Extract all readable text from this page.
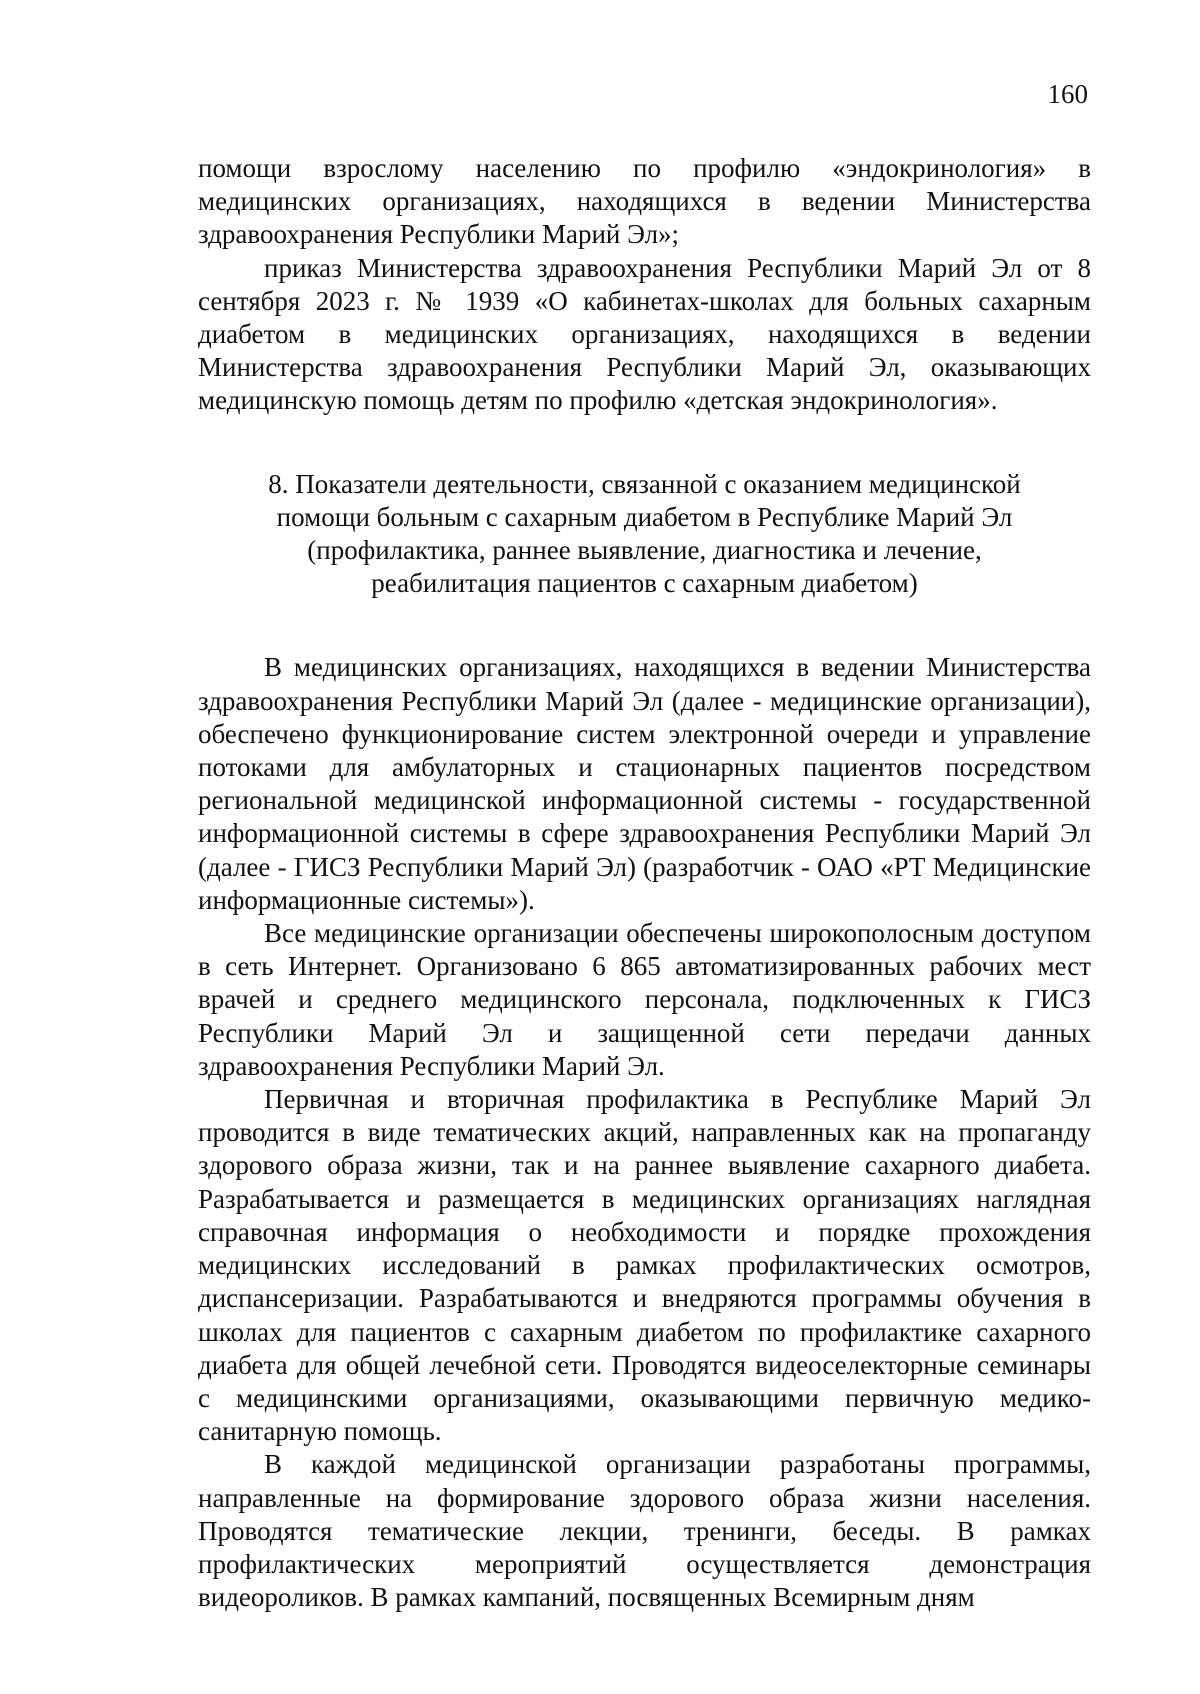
160

помощи взрослому населению по профилю «эндокринология» в медицинских организациях, находящихся в ведении Министерства здравоохранения Республики Марий Эл»;

приказ Министерства здравоохранения Республики Марий Эл от 8 сентября 2023 г. № 1939 «О кабинетах-школах для больных сахарным диабетом в медицинских организациях, находящихся в ведении Министерства здравоохранения Республики Марий Эл, оказывающих медицинскую помощь детям по профилю «детская эндокринология».

8. Показатели деятельности, связанной с оказанием медицинской
помощи больным с сахарным диабетом в Республике Марий Эл
(профилактика, раннее выявление, диагностика и лечение,
реабилитация пациентов с сахарным диабетом)

В медицинских организациях, находящихся в ведении Министерства здравоохранения Республики Марий Эл (далее - медицинские организации), обеспечено функционирование систем электронной очереди и управление потоками для амбулаторных и стационарных пациентов посредством региональной медицинской информационной системы - государственной информационной системы в сфере здравоохранения Республики Марий Эл (далее - ГИСЗ Республики Марий Эл) (разработчик - ОАО «РТ Медицинские информационные системы»).

Все медицинские организации обеспечены широкополосным доступом в сеть Интернет. Организовано 6 865 автоматизированных рабочих мест врачей и среднего медицинского персонала, подключенных к ГИСЗ Республики Марий Эл и защищенной сети передачи данных здравоохранения Республики Марий Эл.

Первичная и вторичная профилактика в Республике Марий Эл проводится в виде тематических акций, направленных как на пропаганду здорового образа жизни, так и на раннее выявление сахарного диабета. Разрабатывается и размещается в медицинских организациях наглядная справочная информация о необходимости и порядке прохождения медицинских исследований в рамках профилактических осмотров, диспансеризации. Разрабатываются и внедряются программы обучения в школах для пациентов с сахарным диабетом по профилактике сахарного диабета для общей лечебной сети. Проводятся видеоселекторные семинары с медицинскими организациями, оказывающими первичную медико-санитарную помощь.

В каждой медицинской организации разработаны программы, направленные на формирование здорового образа жизни населения. Проводятся тематические лекции, тренинги, беседы. В рамках профилактических мероприятий осуществляется демонстрация видеороликов. В рамках кампаний, посвященных Всемирным дням
